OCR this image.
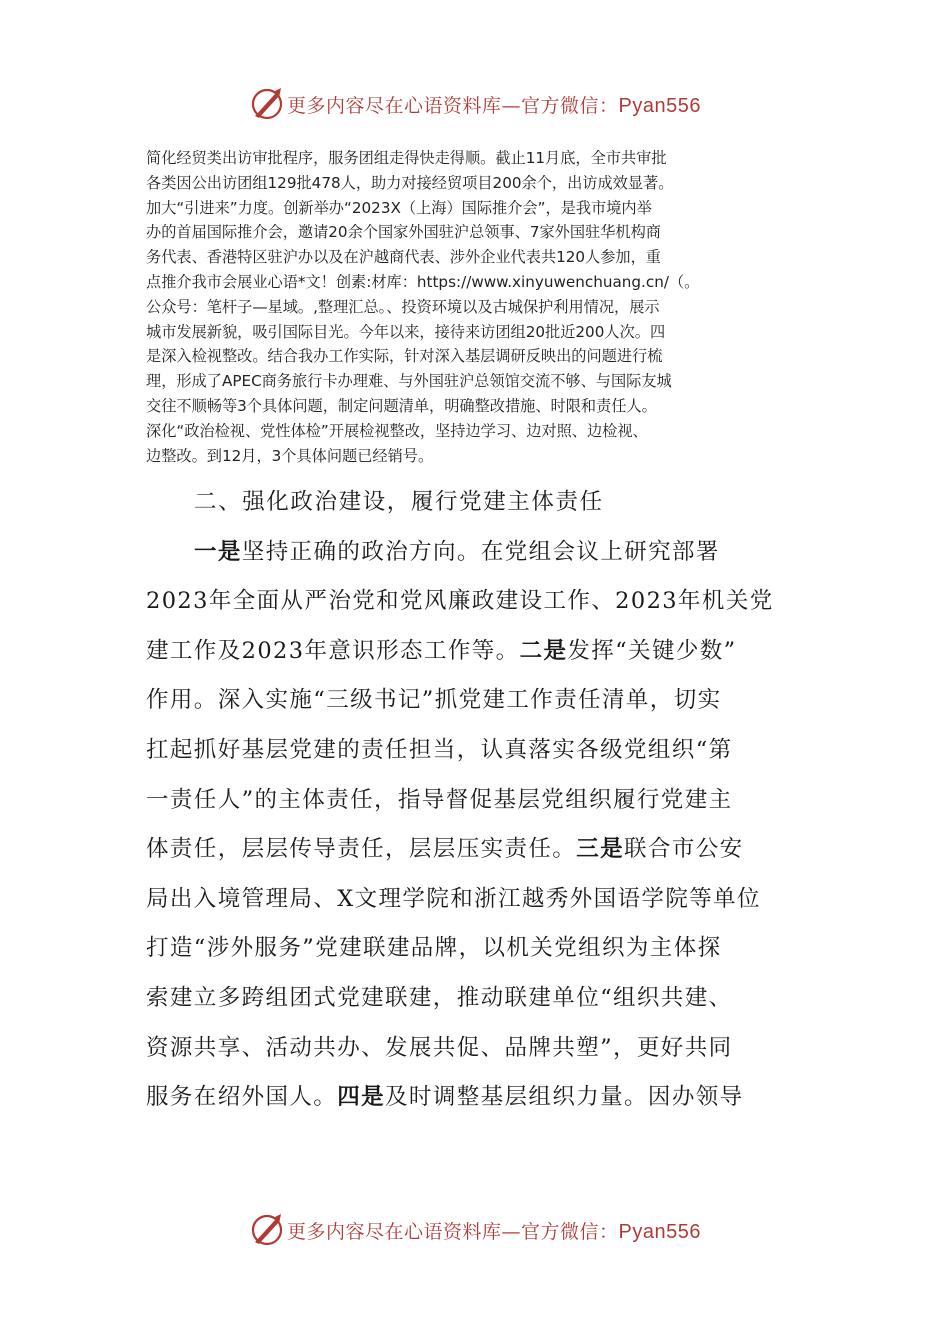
更多内容尽在心语资料库—官方微信：Pyan556
简化经贸类出访审批程序，服务团组走得快走得顺。截止11月底，全市共审批
各类因公出访团组129批478人，助力对接经贸项目200余个，出访成效显著。
加大“引进来”力度。创新举办“2023X（上海）国际推介会”，是我市境内举
办的首届国际推介会，邀请20余个国家外国驻沪总领事、7家外国驻华机构商
务代表、香港特区驻沪办以及在沪越商代表、涉外企业代表共120人参加，重
点推介我市会展业心语*文！创素:材库：https://www.xinyuwenchuang.cn/（。
公众号：笔杆子—星域。,整理汇总。、投资环境以及古城保护利用情况，展示
城市发展新貌，吸引国际目光。今年以来，接待来访团组20批近200人次。四
是深入检视整改。结合我办工作实际，针对深入基层调研反映出的问题进行梳
理，形成了APEC商务旅行卡办理难、与外国驻沪总领馆交流不够、与国际友城
交往不顺畅等3个具体问题，制定问题清单，明确整改措施、时限和责任人。
深化“政治检视、党性体检”开展检视整改，坚持边学习、边对照、边检视、
边整改。到12月，3个具体问题已经销号。
二、强化政治建设，履行党建主体责任
一是坚持正确的政治方向。在党组会议上研究部署
2023年全面从严治党和党风廉政建设工作、2023年机关党
建工作及2023年意识形态工作等。二是发挥“关键少数”
作用。深入实施“三级书记”抓党建工作责任清单，切实
扛起抓好基层党建的责任担当，认真落实各级党组织“第
一责任人”的主体责任，指导督促基层党组织履行党建主
体责任，层层传导责任，层层压实责任。三是联合市公安
局出入境管理局、X文理学院和浙江越秀外国语学院等单位
打造“涉外服务”党建联建品牌，以机关党组织为主体探
索建立多跨组团式党建联建，推动联建单位“组织共建、
资源共享、活动共办、发展共促、品牌共塑”，更好共同
服务在绍外国人。四是及时调整基层组织力量。因办领导
更多内容尽在心语资料库—官方微信：Pyan556
